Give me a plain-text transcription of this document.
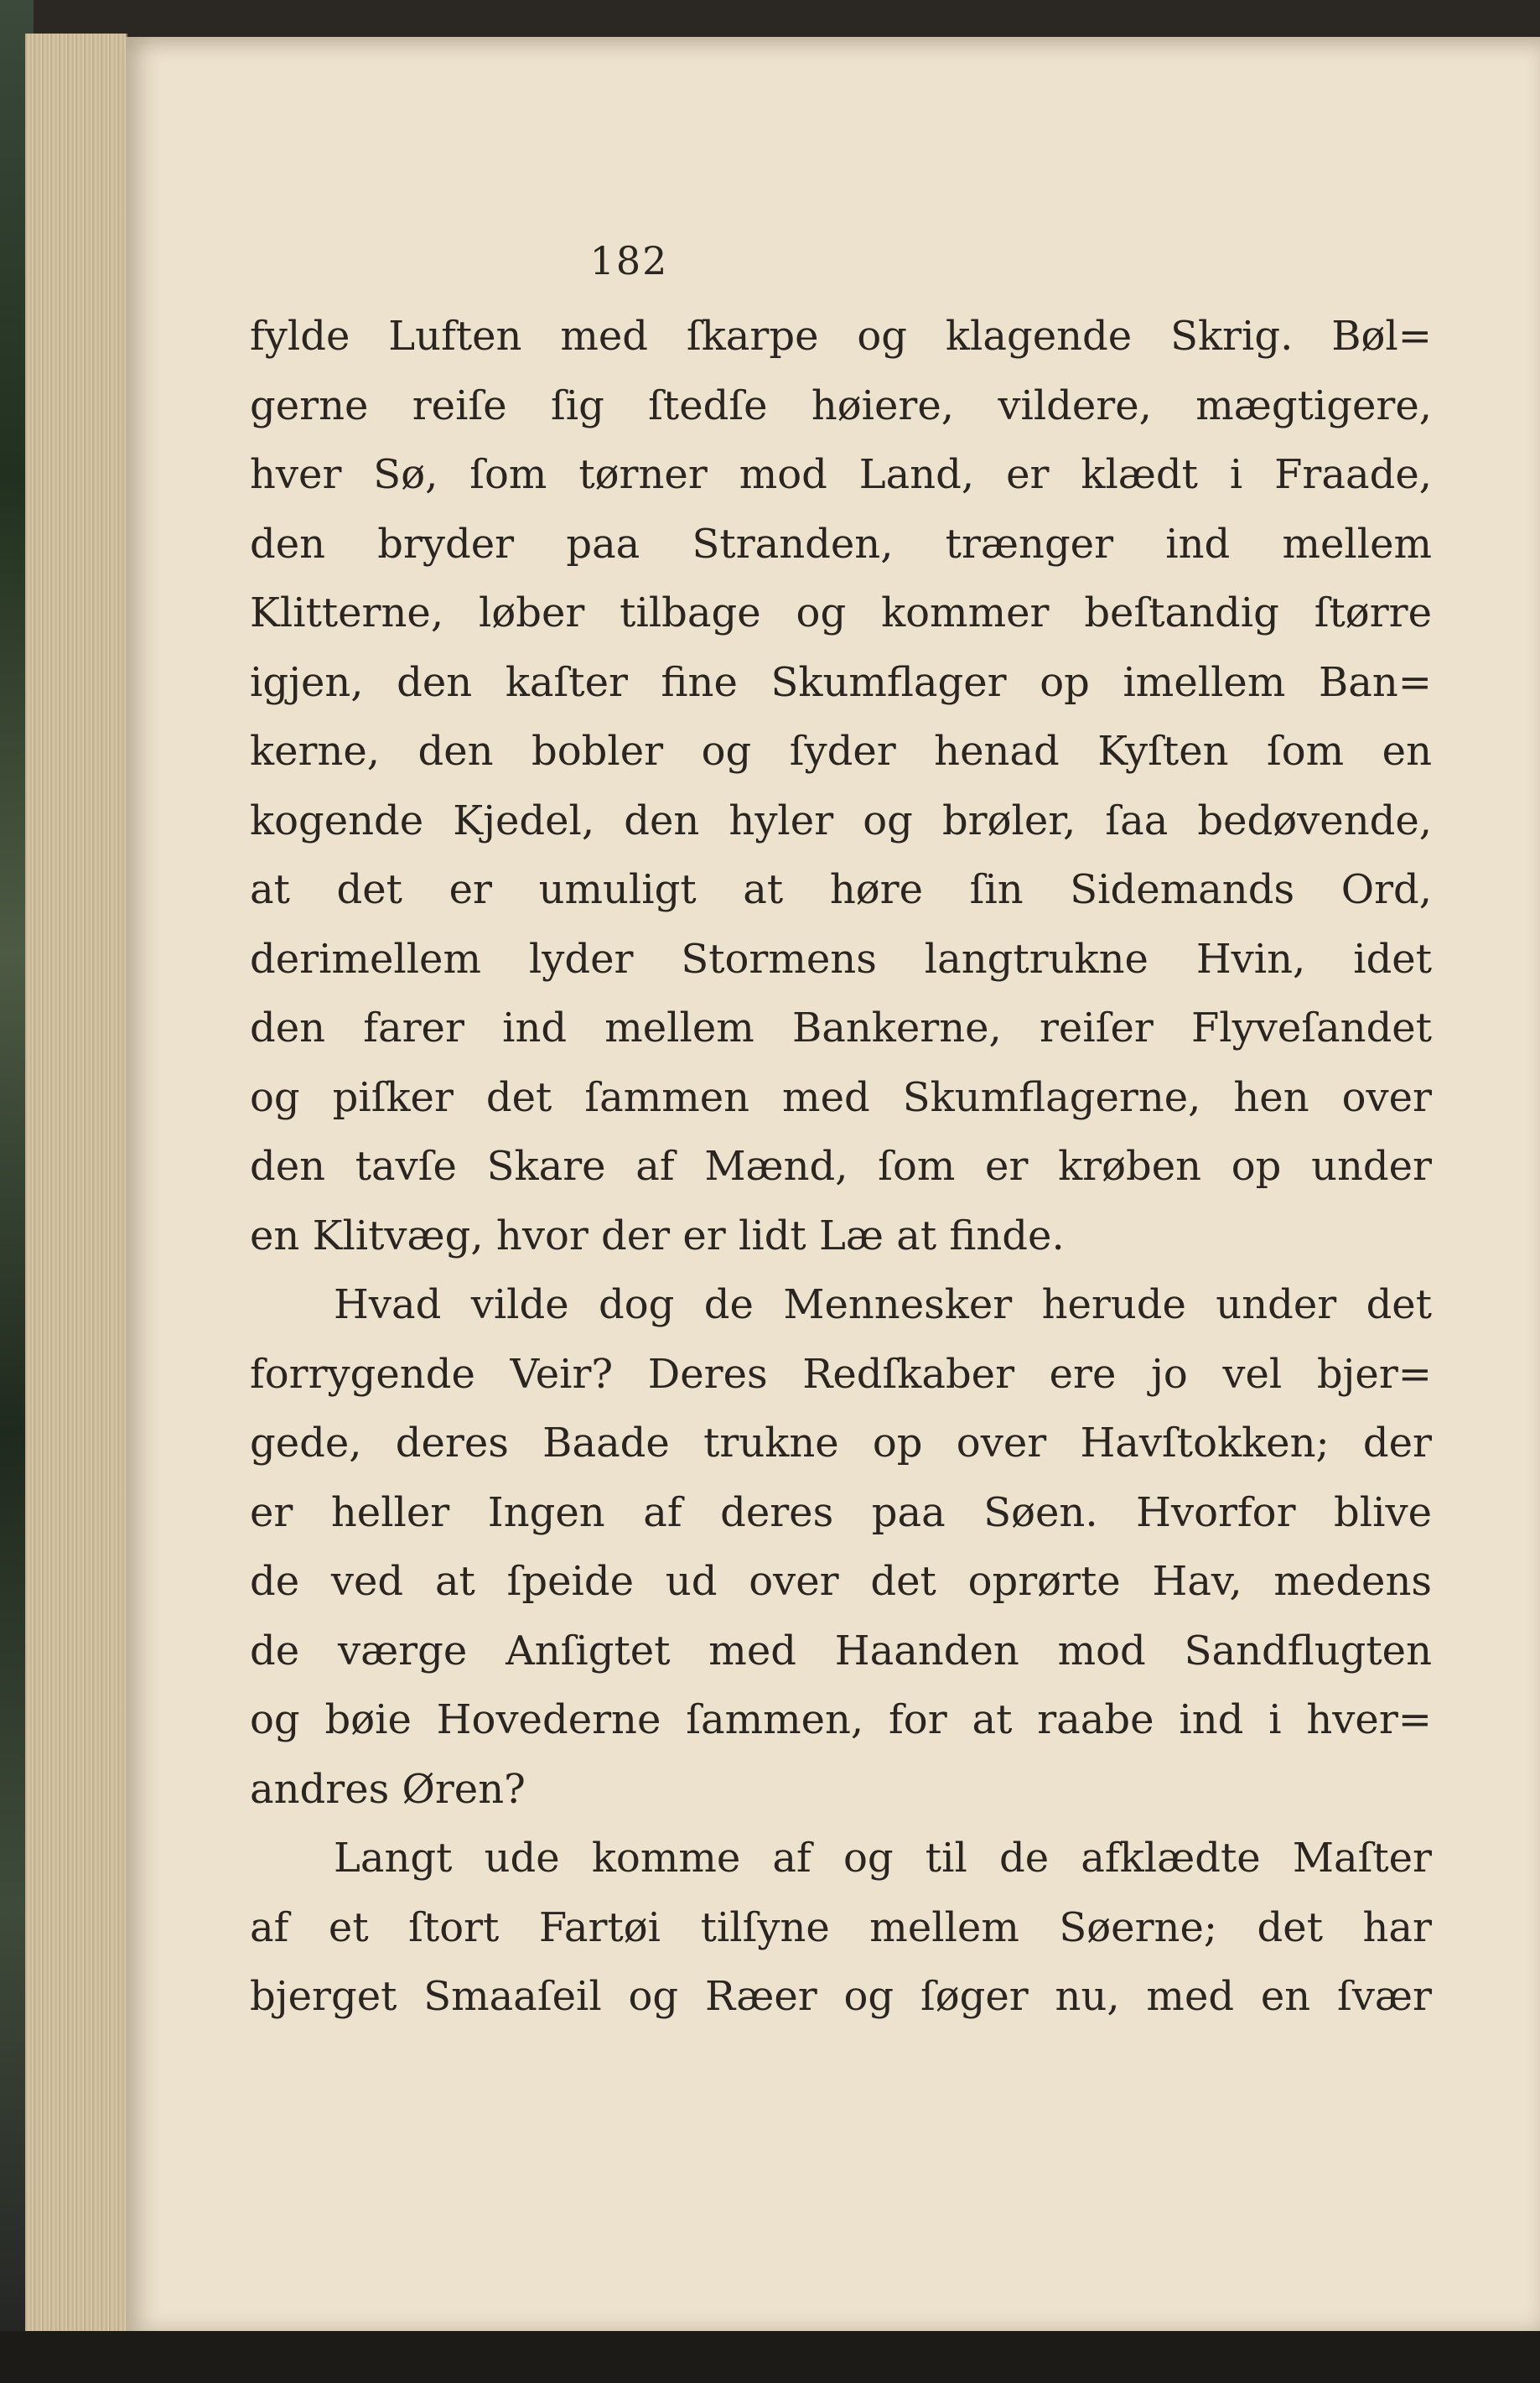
182
fylde Luften med ſkarpe og klagende Skrig. Bøl=
gerne reiſe ſig ſtedſe høiere, vildere, mægtigere,
hver Sø, ſom tørner mod Land, er klædt i Fraade,
den bryder paa Stranden, trænger ind mellem
Klitterne, løber tilbage og kommer beſtandig ſtørre
igjen, den kaſter fine Skumflager op imellem Ban=
kerne, den bobler og ſyder henad Kyſten ſom en
kogende Kjedel, den hyler og brøler, ſaa bedøvende,
at det er umuligt at høre ſin Sidemands Ord,
derimellem lyder Stormens langtrukne Hvin, idet
den farer ind mellem Bankerne, reiſer Flyveſandet
og piſker det ſammen med Skumflagerne, hen over
den tavſe Skare af Mænd, ſom er krøben op under
en Klitvæg, hvor der er lidt Læ at finde.
Hvad vilde dog de Mennesker herude under det
forrygende Veir? Deres Redſkaber ere jo vel bjer=
gede, deres Baade trukne op over Havſtokken; der
er heller Ingen af deres paa Søen. Hvorfor blive
de ved at ſpeide ud over det oprørte Hav, medens
de værge Anſigtet med Haanden mod Sandflugten
og bøie Hovederne ſammen, for at raabe ind i hver=
andres Øren?
Langt ude komme af og til de afklædte Maſter
af et ſtort Fartøi tilſyne mellem Søerne; det har
bjerget Smaaſeil og Ræer og ſøger nu, med en ſvær
